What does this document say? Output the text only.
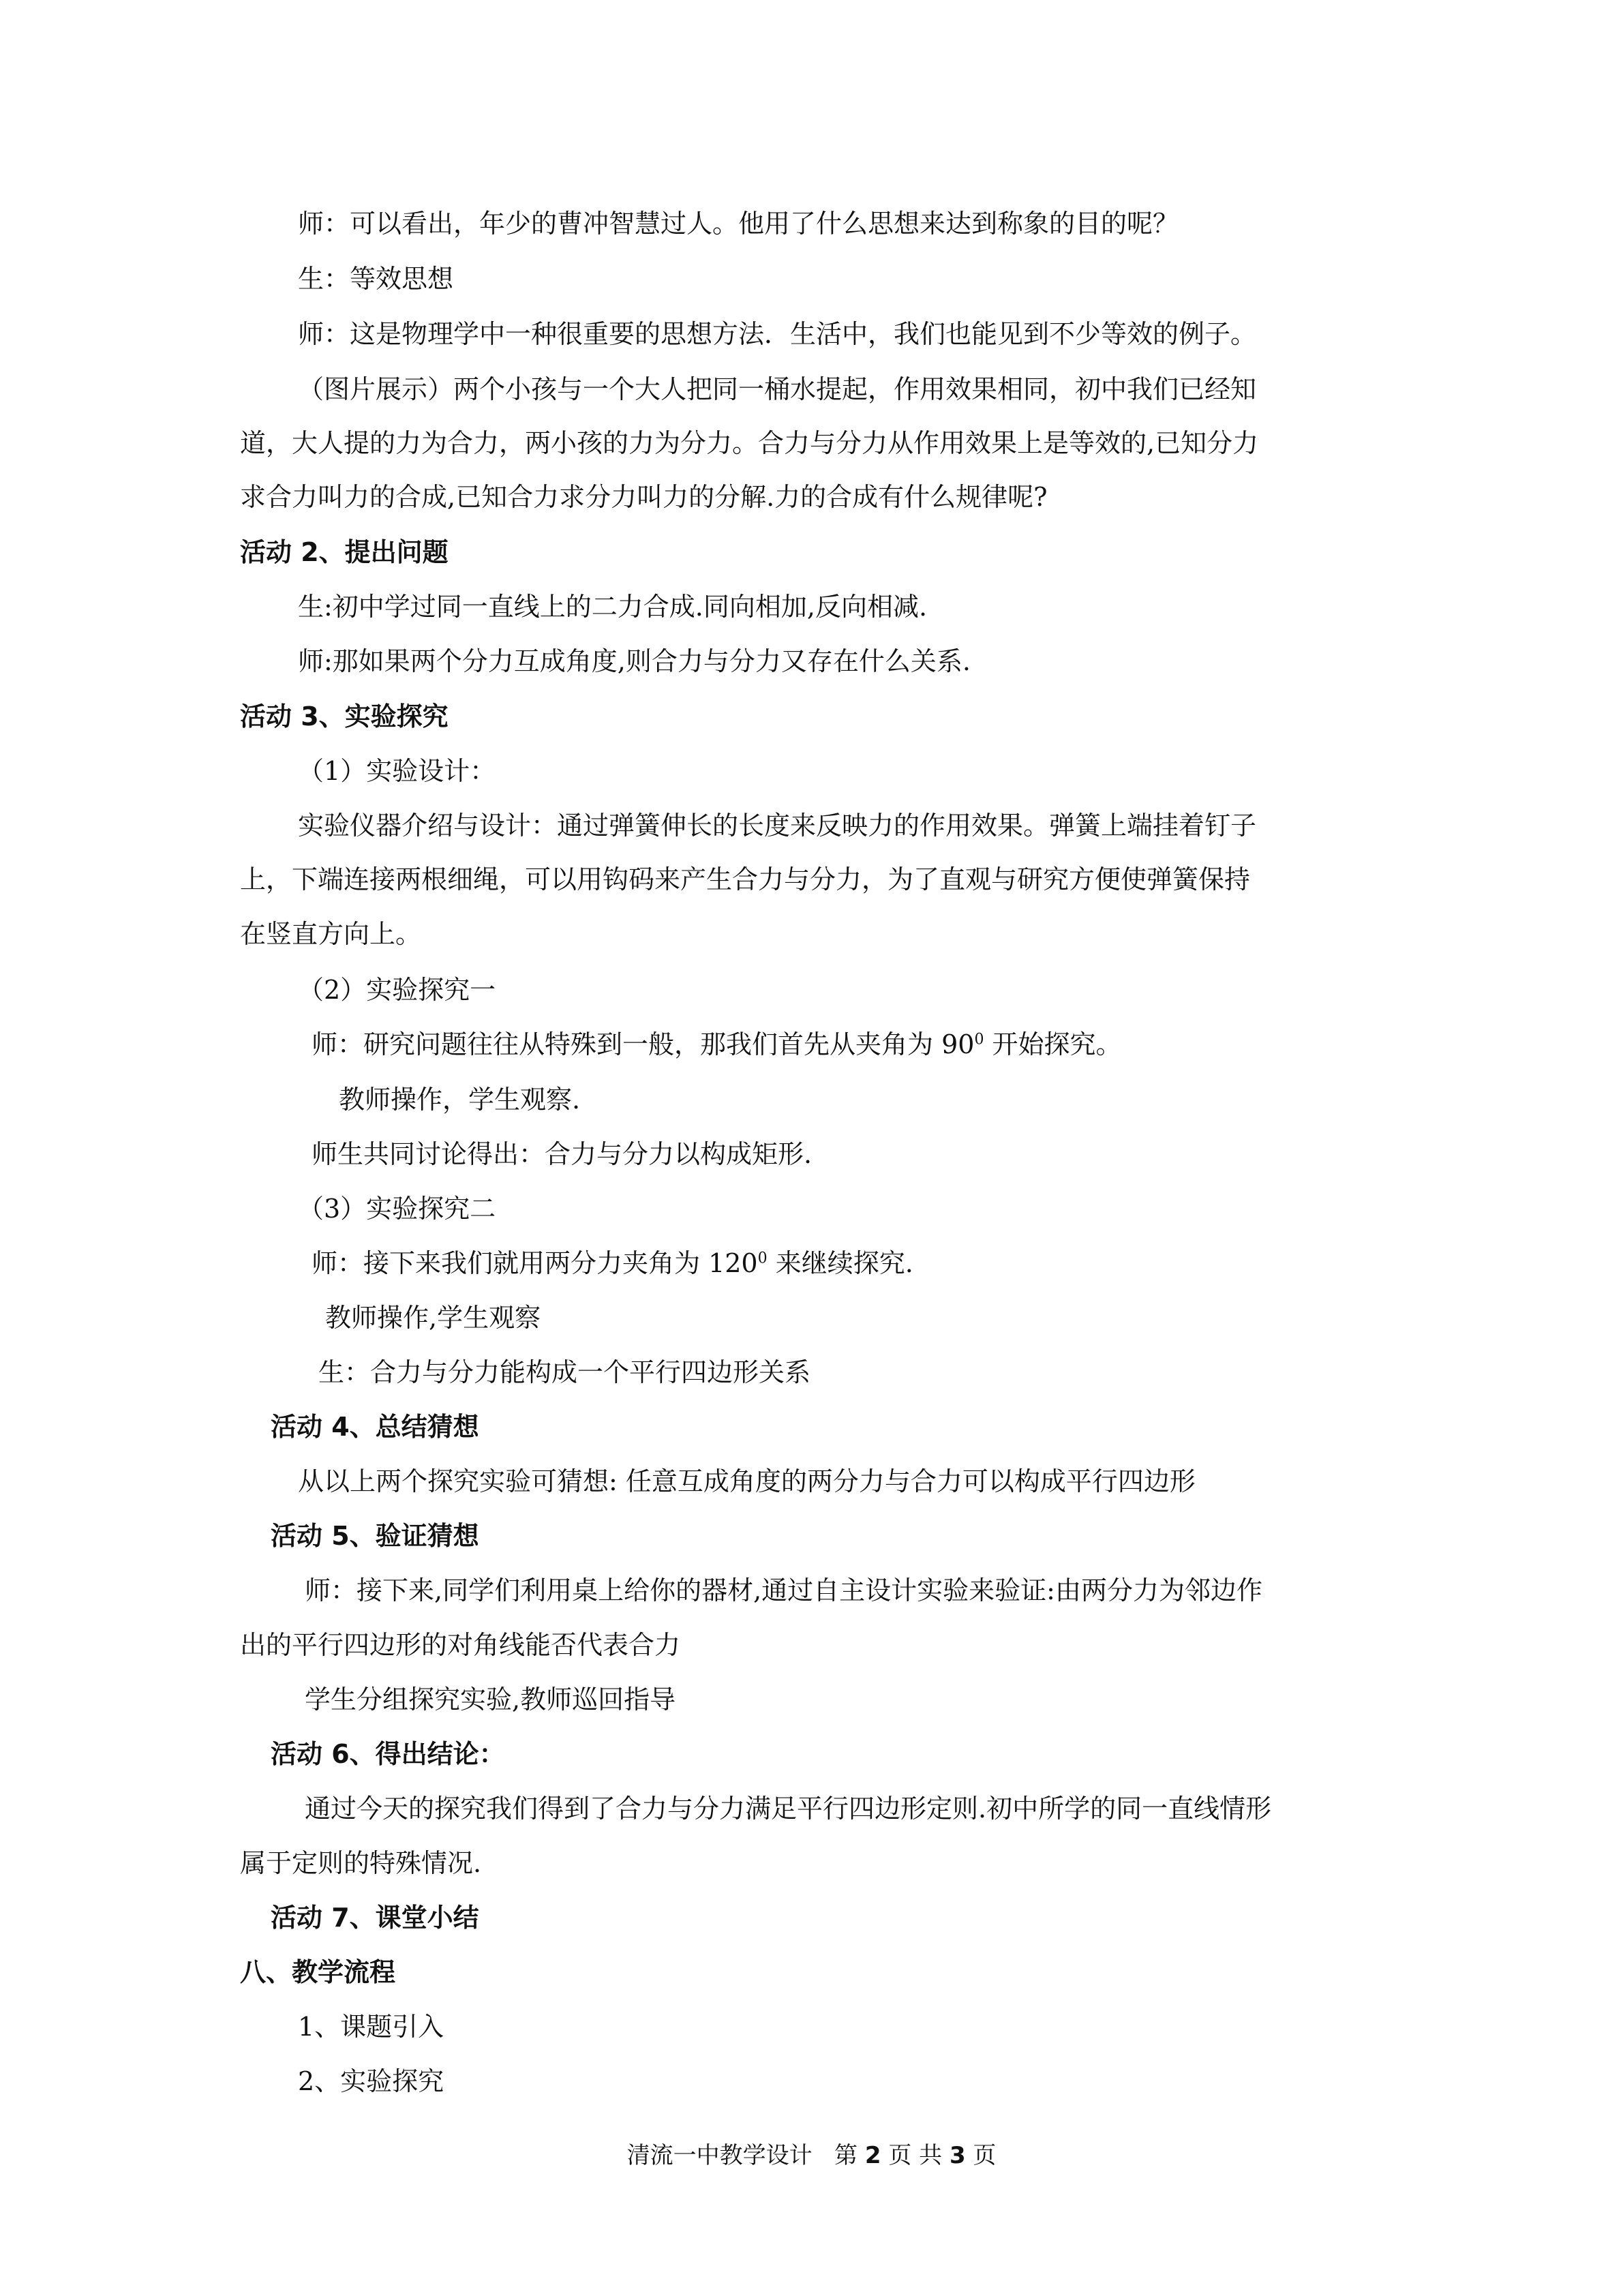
师：可以看出，年少的曹冲智慧过人。他用了什么思想来达到称象的目的呢？
生：等效思想
师：这是物理学中一种很重要的思想方法．生活中，我们也能见到不少等效的例子。
（图片展示）两个小孩与一个大人把同一桶水提起，作用效果相同，初中我们已经知
道，大人提的力为合力，两小孩的力为分力。合力与分力从作用效果上是等效的,已知分力
求合力叫力的合成,已知合力求分力叫力的分解.力的合成有什么规律呢?
活动 2、提出问题
生:初中学过同一直线上的二力合成.同向相加,反向相减.
师:那如果两个分力互成角度,则合力与分力又存在什么关系.
活动 3、实验探究
（1）实验设计：
实验仪器介绍与设计：通过弹簧伸长的长度来反映力的作用效果。弹簧上端挂着钉子
上，下端连接两根细绳，可以用钩码来产生合力与分力，为了直观与研究方便使弹簧保持
在竖直方向上。
（2）实验探究一
师：研究问题往往从特殊到一般，那我们首先从夹角为 $90^0$ 开始探究。
教师操作，学生观察.
师生共同讨论得出：合力与分力以构成矩形.
（3）实验探究二
师：接下来我们就用两分力夹角为 $120^0$ 来继续探究.
教师操作,学生观察
生：合力与分力能构成一个平行四边形关系
活动 4、总结猜想
从以上两个探究实验可猜想: 任意互成角度的两分力与合力可以构成平行四边形
活动 5、验证猜想
师：接下来,同学们利用桌上给你的器材,通过自主设计实验来验证:由两分力为邻边作
出的平行四边形的对角线能否代表合力
学生分组探究实验,教师巡回指导
活动 6、得出结论：
通过今天的探究我们得到了合力与分力满足平行四边形定则.初中所学的同一直线情形
属于定则的特殊情况.
活动 7、课堂小结
八、教学流程
1、课题引入
2、实验探究
清流一中教学设计 第 2 页 共 3 页
